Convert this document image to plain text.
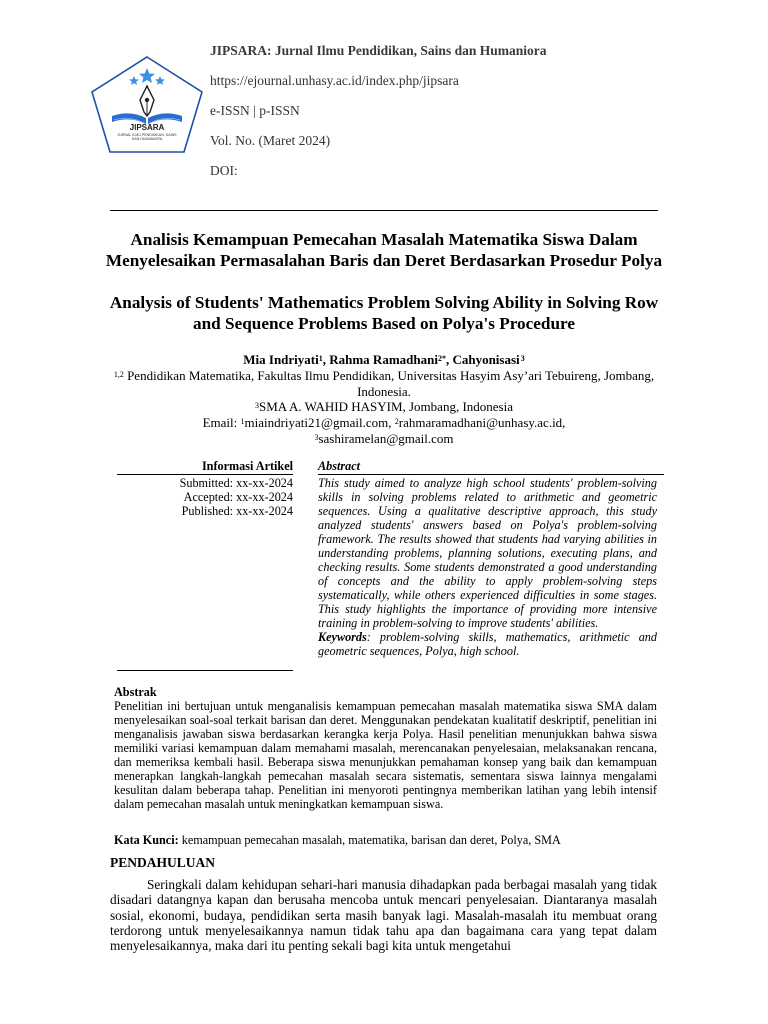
JIPSARA
JURNAL ILMU PENDIDIKAN, SAINS DAN HUMANIORA
JIPSARA: Jurnal Ilmu Pendidikan, Sains dan Humaniora
https://ejournal.unhasy.ac.id/index.php/jipsara
e-ISSN | p-ISSN
Vol. No. (Maret 2024)
DOI:
Analisis Kemampuan Pemecahan Masalah Matematika Siswa Dalam Menyelesaikan Permasalahan Baris dan Deret Berdasarkan Prosedur Polya
Analysis of Students' Mathematics Problem Solving Ability in Solving Row and Sequence Problems Based on Polya's Procedure
Mia Indriyati$^1$, Rahma Ramadhani$^{2*}$, Cahyonisasi $^3$
$^{1,2}$ Pendidikan Matematika, Fakultas Ilmu Pendidikan, Universitas Hasyim Asy’ari Tebuireng, Jombang, Indonesia.
$^3$SMA A. WAHID HASYIM, Jombang, Indonesia
Email: $^1$miaindriyati21@gmail.com, $^2$rahmaramadhani@unhasy.ac.id,
$^3$sashiramelan@gmail.com
Informasi Artikel
Submitted: xx-xx-2024
Accepted: xx-xx-2024
Published: xx-xx-2024
Abstract
This study aimed to analyze high school students' problem-solving skills in solving problems related to arithmetic and geometric sequences. Using a qualitative descriptive approach, this study analyzed students' answers based on Polya's problem-solving framework. The results showed that students had varying abilities in understanding problems, planning solutions, executing plans, and checking results. Some students demonstrated a good understanding of concepts and the ability to apply problem-solving steps systematically, while others experienced difficulties in some stages. This study highlights the importance of providing more intensive training in problem-solving to improve students' abilities.
Keywords: problem-solving skills, mathematics, arithmetic and geometric sequences, Polya, high school.
Abstrak
Penelitian ini bertujuan untuk menganalisis kemampuan pemecahan masalah matematika siswa SMA dalam menyelesaikan soal-soal terkait barisan dan deret. Menggunakan pendekatan kualitatif deskriptif, penelitian ini menganalisis jawaban siswa berdasarkan kerangka kerja Polya. Hasil penelitian menunjukkan bahwa siswa memiliki variasi kemampuan dalam memahami masalah, merencanakan penyelesaian, melaksanakan rencana, dan memeriksa kembali hasil. Beberapa siswa menunjukkan pemahaman konsep yang baik dan kemampuan menerapkan langkah-langkah pemecahan masalah secara sistematis, sementara siswa lainnya mengalami kesulitan dalam beberapa tahap. Penelitian ini menyoroti pentingnya memberikan latihan yang lebih intensif dalam pemecahan masalah untuk meningkatkan kemampuan siswa.
Kata Kunci: kemampuan pemecahan masalah, matematika, barisan dan deret, Polya, SMA
PENDAHULUAN
Seringkali dalam kehidupan sehari-hari manusia dihadapkan pada berbagai masalah yang tidak disadari datangnya kapan dan berusaha mencoba untuk mencari penyelesaian. Diantaranya masalah sosial, ekonomi, budaya, pendidikan serta masih banyak lagi. Masalah-masalah itu membuat orang terdorong untuk menyelesaikannya namun tidak tahu apa dan bagaimana cara yang tepat dalam menyelesaikannya, maka dari itu penting sekali bagi kita untuk mengetahui
